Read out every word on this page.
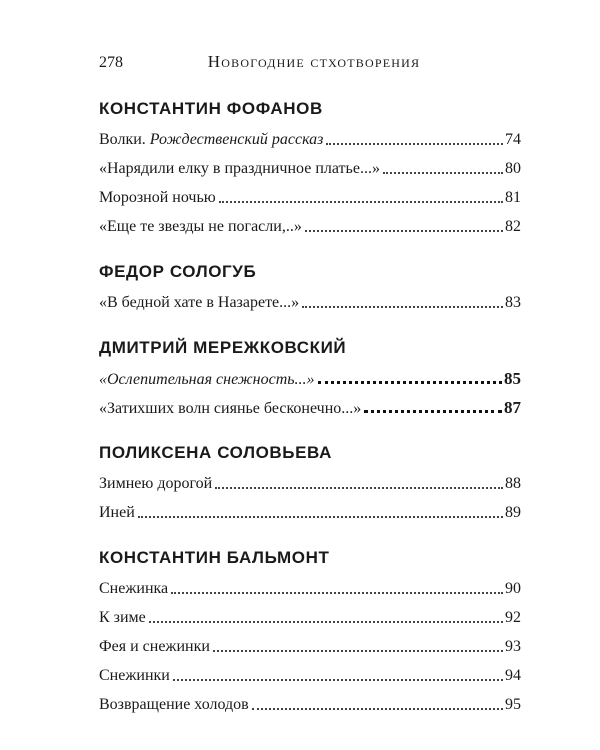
278	Новогодние стхотворения
КОНСТАНТИН ФОФАНОВ
Волки. Рождественский рассказ	74
«Нарядили елку в праздничное платье...»	80
Морозной ночью	81
«Еще те звезды не погасли,..»	82
ФЕДОР СОЛОГУБ
«В бедной хате в Назарете...»	83
ДМИТРИЙ МЕРЕЖКОВСКИЙ
«Ослепительная снежность...»	85
«Затихших волн сиянье бесконечно...»	87
ПОЛИКСЕНА СОЛОВЬЕВА
Зимнею дорогой	88
Иней	89
КОНСТАНТИН БАЛЬМОНТ
Снежинка	90
К зиме	92
Фея и снежинки	93
Снежинки	94
Возвращение холодов	95
